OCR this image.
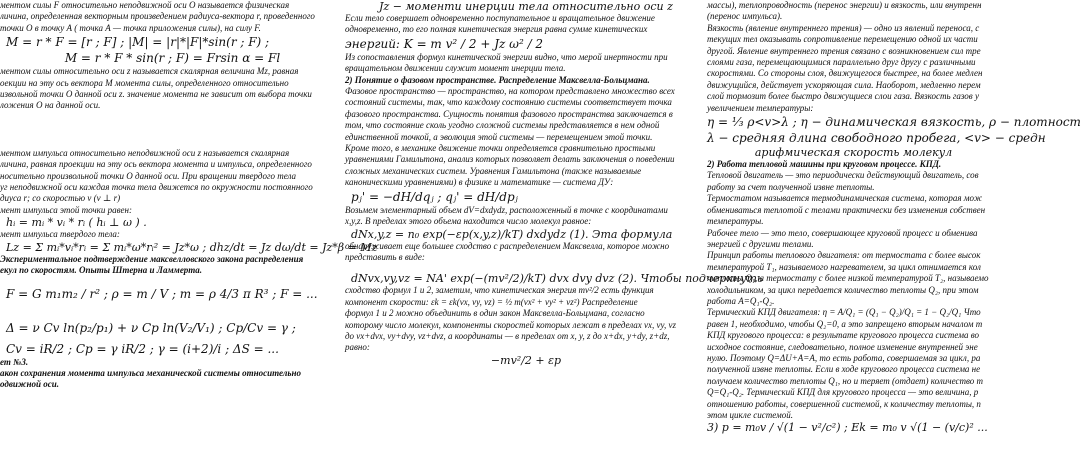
ментом силы F относительно неподвижной оси О называется физическая

личина, определенная векторным произведением радиуса-вектора r, проведенного

точки О в точку А ( точка А — точка приложения силы), на силу F.

M = r * F = [r ; F] ; |M| = |r|*|F|*sin(r ; F) ;

M = r * F * sin(r ; F) = Frsin α = Fl

ментом силы относительно оси z называется скалярная величина Mz, равная

оекции на эту ось вектора M момента силы, определенного относительно

извольной точки О данной оси z. значение момента не зависит от выбора точки

ложения О на данной оси.

ментом импульса относительно неподвижной оси z называется скалярная

личина, равная проекции на эту ось вектора момента и импульса, определенного

носительно произвольной точки О данной оси. При вращении твердого тела

уг неподвижной оси каждая точка тела движется по окружности постоянного

диуса r; со скоростью v (v ⊥ r)

мент импульса этой точки равен:

hᵢ = mᵢ * vᵢ * rᵢ ( hᵢ ⊥ ω ) .

мент импульса твердого тела:

Lz = Σ mᵢ*vᵢ*rᵢ = Σ mᵢ*ω*rᵢ² = Jz*ω ; dhz/dt = Jz dω/dt = Jz*β = Mz

Экспериментальное подтверждение максвелловского закона распределения

екул по скоростям. Опыты Штерна и Ламмерта.

F = G m₁m₂ / r² ; ρ = m / V ; m = ρ 4/3 π R³ ; F = ...

Δ = ν Cv ln(p₂/p₁) + ν Cp ln(V₂/V₁) ; Cp/Cv = γ ;

Cv = iR/2 ; Cp = γ iR/2 ; γ = (i+2)/i ; ΔS = ...

ет №3.

акон сохранения момента импульса механической системы относительно

одвижной оси.

Jz − моменти инерции тела относительно оси z

Если тело совершает одновременно поступательное и вращательное движение

одновременно, то его полная кинетическая энергия равна сумме кинетических

энергий: K = m v² / 2 + Jz ω² / 2

Из сопоставления формул кинетической энергии видно, что мерой инертности при

вращательном движении служит момент инерции тела.

2) Понятие о фазовом пространстве. Распределение Максвелла-Больцмана.

Фазовое пространство — пространство, на котором представлено множество всех

состояний системы, так, что каждому состоянию системы соответствует точка

фазового пространства. Сущность понятия фазового пространства заключается в

том, что состояние сколь угодно сложной системы представляется в нем одной

единственной точкой, а эволюция этой системы — перемещением этой точки.

Кроме того, в механике движение точки определяется сравнительно простыми

уравнениями Гамильтона, анализ которых позволяет делать заключения о поведении

сложных механических систем. Уравнения Гамильтона (также называемые

каноническими уравнениями) в физике и математике — система ДУ:

pⱼ' = −dH/dqⱼ ; qⱼ' = dH/dpⱼ

Возьмем элементарный объем dV=dxdydz, расположенный в точке с координатами

x,y,z. В пределах этого объема находится число молекул равное:

dNx,y,z = n₀ exp(−εp(x,y,z)/kT) dxdydz (1). Эта формула

обнаруживает еще большее сходство с распределением Максвелла, которое можно

представить в виде:

dNvx,vy,vz = NA' exp(−(mv²/2)/kT) dvx dvy dvz (2). Чтобы подчеркнуть

сходство формул 1 и 2, заметим, что кинетическая энергия mv²/2 есть функция

компонент скорости: εk = εk(vx, vy, vz) = ½ m(vx² + vy² + vz²) Распределение

формул 1 и 2 можно объединить в один закон Максвелла-Больцмана, согласно

которому число молекул, компоненты скоростей которых лежат в пределах vx, vy, vz

до vx+dvx, vy+dvy, vz+dvz, а координаты — в пределах от x, y, z до x+dx, y+dy, z+dz,

равно:

−mv²/2 + εp

массы), теплопроводность (перенос энергии) и вязкость, или внутренн

(перенос импульса).

Вязкость (явление внутреннего трения) — одно из явлений переноса, с

текущих тел оказывать сопротивление перемещению одной их части

другой. Явление внутреннего трения связано с возникновением сил тре

слоями газа, перемещающимися параллельно друг другу с различными

скоростями. Со стороны слоя, движущегося быстрее, на более медлен

движущийся, действует ускоряющая сила. Наоборот, медленно перем

слой тормозит более быстро движущиеся слои газа. Вязкость газов у

увеличением температуры:

η = ⅓ ρ<v>λ ; η − динамическая вязкость, ρ − плотност

λ − средняя длина свободного пробега, <v> − средн

арифмическая скорость молекул

2) Работа тепловой машины при круговом процессе. КПД.

Тепловой двигатель — это периодически действующий двигатель, сов

работу за счет полученной извне теплоты.

Термостатом называется термодинамическая система, которая мож

обмениваться теплотой с телами практически без изменения собствен

температуры.

Рабочее тело — это тело, совершающее круговой процесс и обменива

энергией с другими телами.

Принцип работы теплового двигателя: от термостата с более высок

температурой T₁, называемого нагревателем, за цикл отнимается кол

теплоты Q₁, а термостату с более низкой температурой T₂, называемо

холодильником, за цикл передается количество теплоты Q₂, при этом

работа A=Q₁-Q₂.

Термический КПД двигателя: η = A/Q₁ = (Q₁ − Q₂)/Q₁ = 1 − Q₂/Q₁ Что

равен 1, необходимо, чтобы Q₂=0, а это запрещено вторым началом т

КПД кругового процесса: в результате кругового процесса система во

исходное состояние, следовательно, полное изменение внутренней эне

нулю. Поэтому Q=ΔU+A=A, то есть работа, совершаемая за цикл, ра

полученной извне теплоты. Если в ходе кругового процесса система не

получаем количество теплоты Q₁, но и теряет (отдает) количество т

Q=Q₁-Q₂. Термический КПД для кругового процесса — это величина, р

отношению работы, совершенной системой, к количеству теплоты, п

этом цикле системой.

3) p = m₀v / √(1 − v²/c²) ; Ek = m₀ v √(1 − (v/c)² ...
